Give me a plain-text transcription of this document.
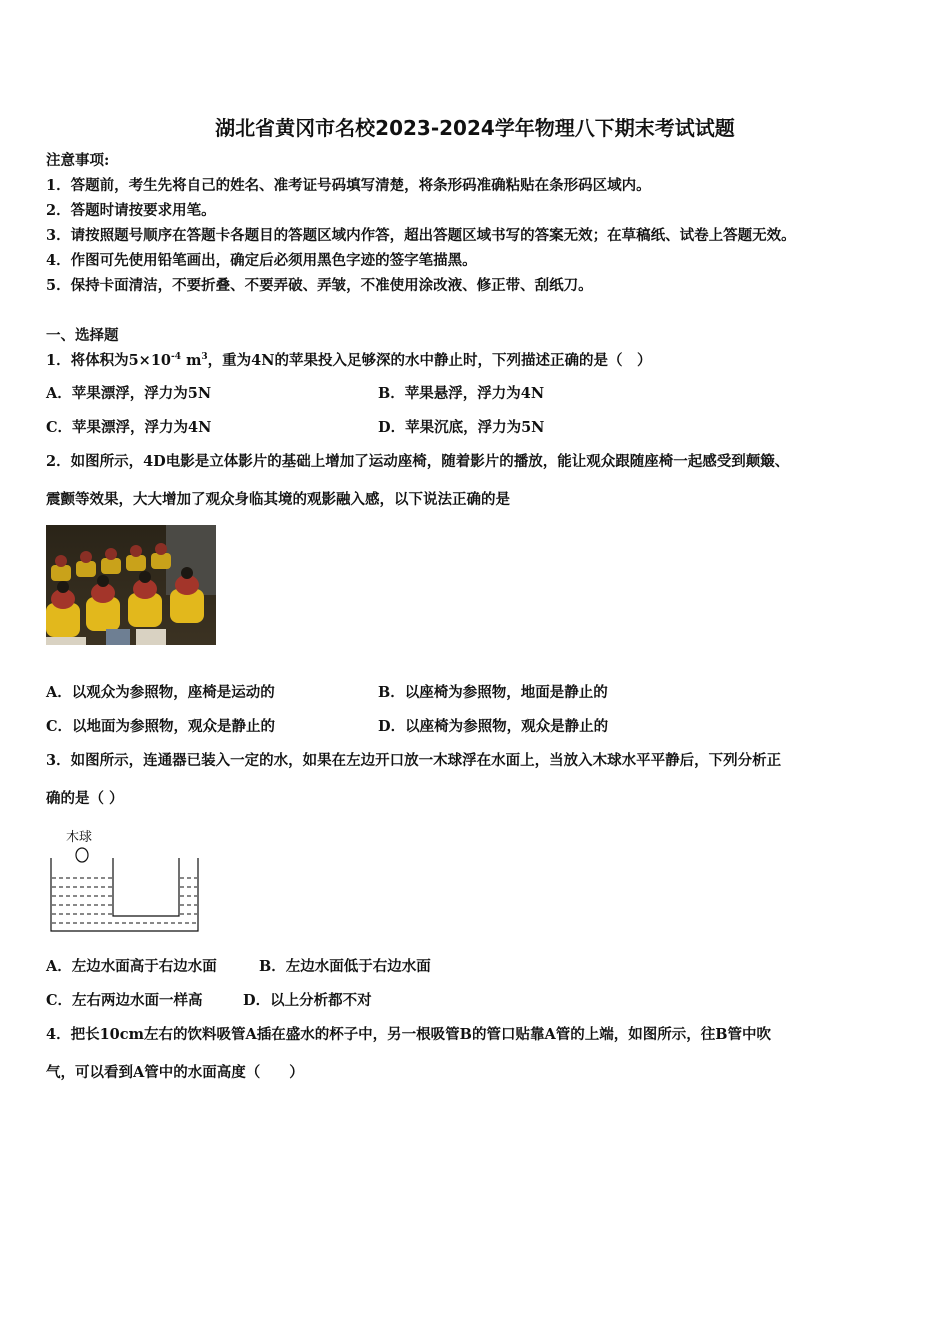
湖北省黄冈市名校2023-2024学年物理八下期末考试试题
注意事项:
1．答题前，考生先将自己的姓名、准考证号码填写清楚，将条形码准确粘贴在条形码区域内。
2．答题时请按要求用笔。
3．请按照题号顺序在答题卡各题目的答题区域内作答，超出答题区域书写的答案无效；在草稿纸、试卷上答题无效。
4．作图可先使用铅笔画出，确定后必须用黑色字迹的签字笔描黑。
5．保持卡面清洁，不要折叠、不要弄破、弄皱，不准使用涂改液、修正带、刮纸刀。
一、选择题
1．将体积为$5\times 10^{-4}$ $m^3$，重为4N的苹果投入足够深的水中静止时，下列描述正确的是（　）
A．苹果漂浮，浮力为5N	B．苹果悬浮，浮力为4N
C．苹果漂浮，浮力为4N	D．苹果沉底，浮力为5N
2．如图所示，4D电影是立体影片的基础上增加了运动座椅，随着影片的播放，能让观众跟随座椅一起感受到颠簸、
震颤等效果，大大增加了观众身临其境的观影融入感，以下说法正确的是
A．以观众为参照物，座椅是运动的	B．以座椅为参照物，地面是静止的
C．以地面为参照物，观众是静止的	D．以座椅为参照物，观众是静止的
3．如图所示，连通器已装入一定的水，如果在左边开口放一木球浮在水面上，当放入木球水平平静后，下列分析正
确的是（ ）
木球
A．左边水面高于右边水面	B．左边水面低于右边水面
C．左右两边水面一样高	D．以上分析都不对
4．把长10cm左右的饮料吸管A插在盛水的杯子中，另一根吸管B的管口贴靠A管的上端，如图所示，往B管中吹
气，可以看到A管中的水面高度（　　）
